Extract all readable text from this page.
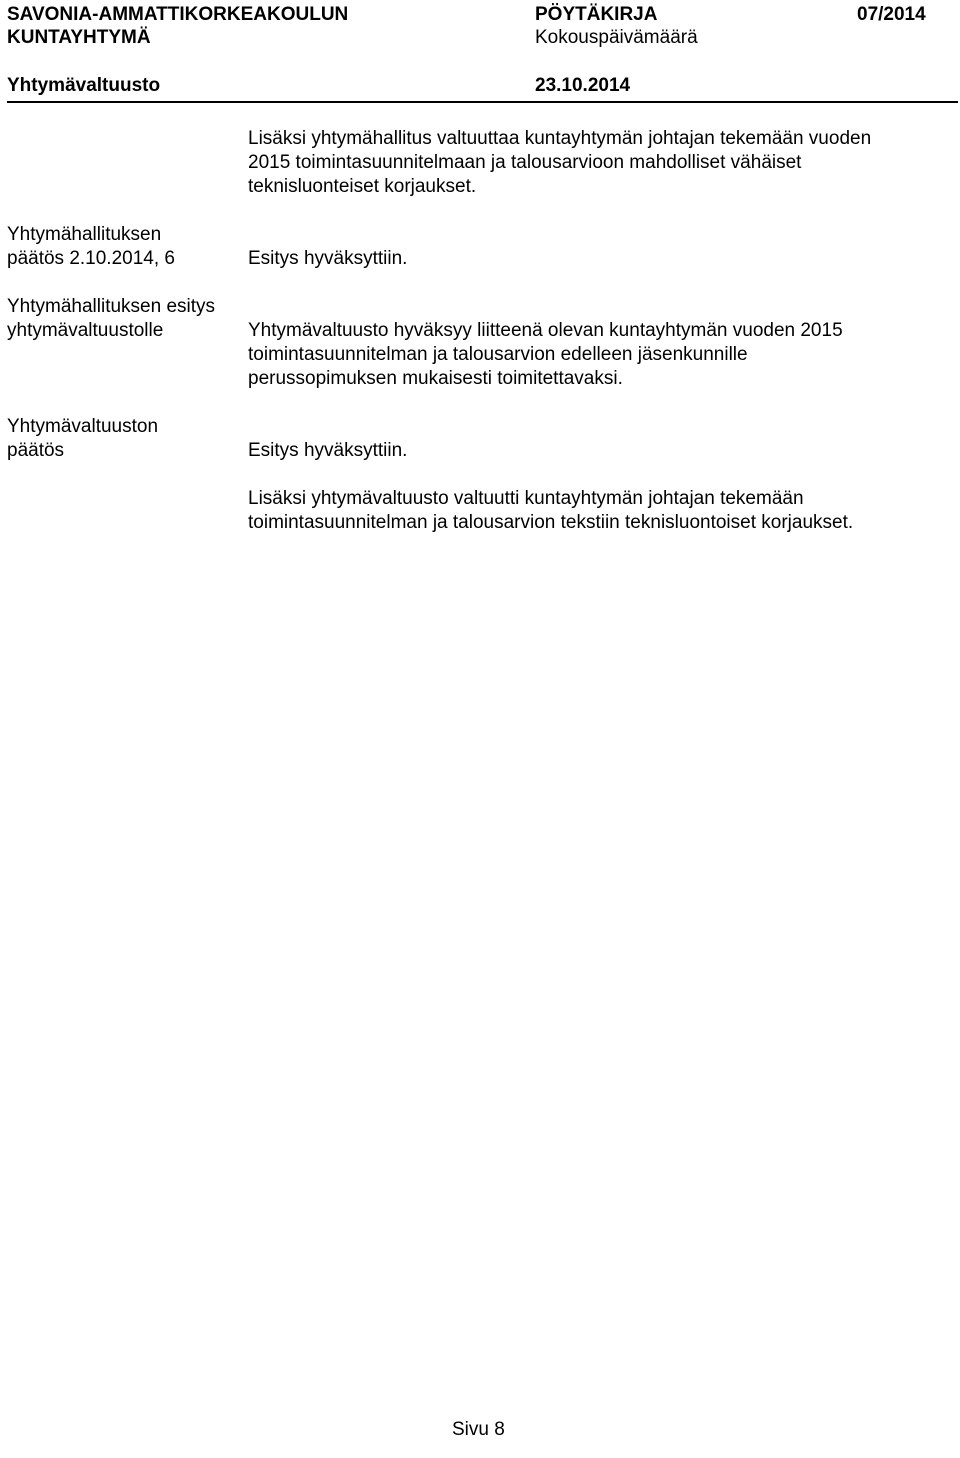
SAVONIA-AMMATTIKORKEAKOULUN
KUNTAYHTYMÄ
PÖYTÄKIRJA
Kokouspäivämäärä
07/2014
Yhtymävaltuusto	23.10.2014
Lisäksi yhtymähallitus valtuuttaa kuntayhtymän johtajan tekemään vuoden
2015 toimintasuunnitelmaan ja talousarvioon mahdolliset vähäiset
teknisluonteiset korjaukset.
Yhtymähallituksen
päätös 2.10.2014, 6	Esitys hyväksyttiin.
Yhtymähallituksen esitys
yhtymävaltuustolle	Yhtymävaltuusto hyväksyy liitteenä olevan kuntayhtymän vuoden 2015
toimintasuunnitelman ja talousarvion edelleen jäsenkunnille
perussopimuksen mukaisesti toimitettavaksi.
Yhtymävaltuuston
päätös	Esitys hyväksyttiin.
Lisäksi yhtymävaltuusto valtuutti kuntayhtymän johtajan tekemään
toimintasuunnitelman ja talousarvion tekstiin teknisluontoiset korjaukset.
Sivu 8
